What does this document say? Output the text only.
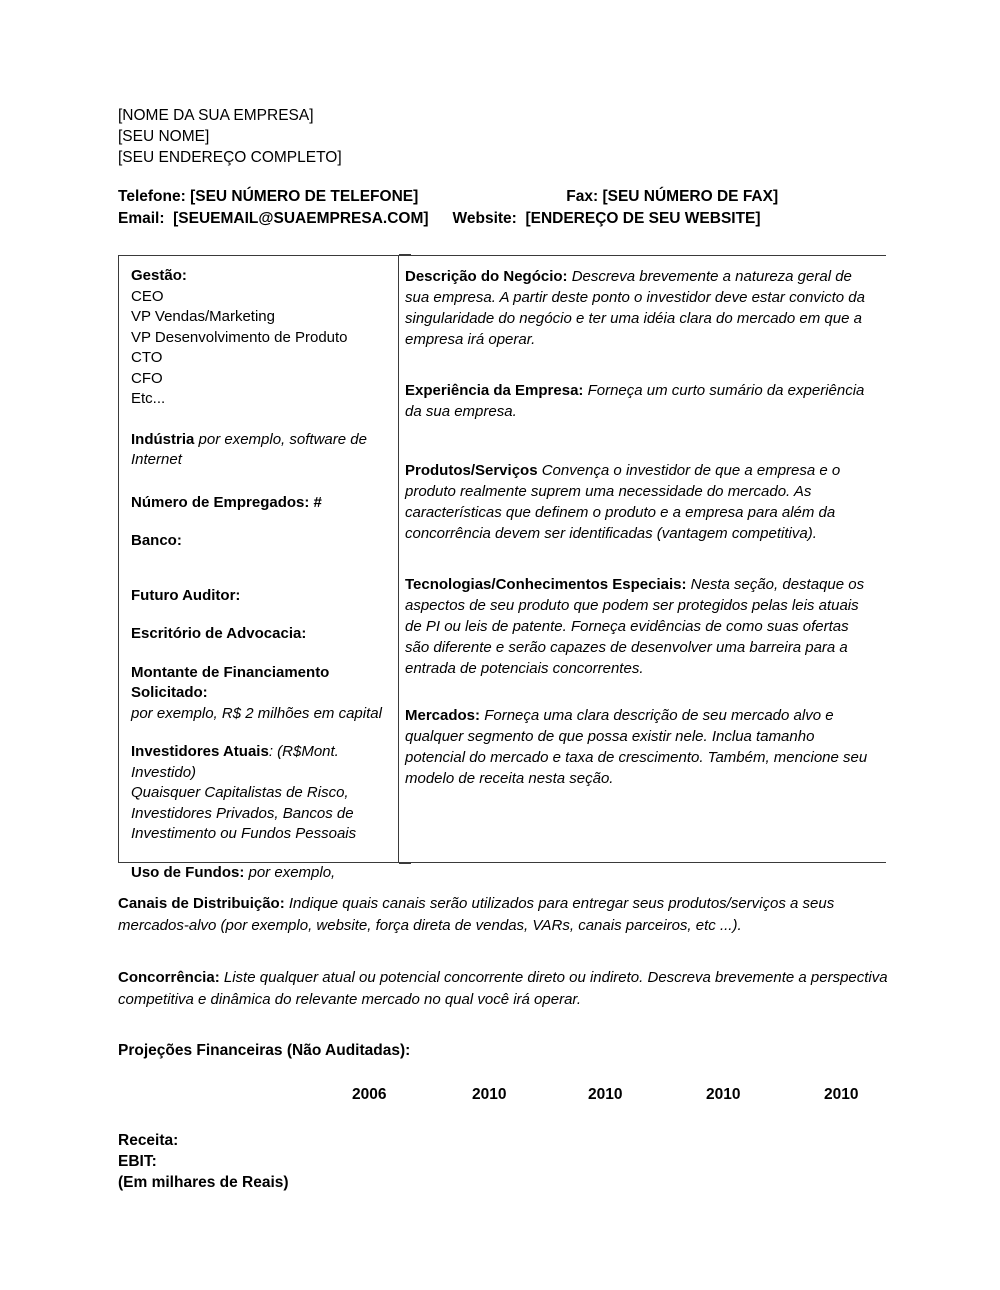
[NOME DA SUA EMPRESA]
[SEU NOME]
[SEU ENDEREÇO COMPLETO]
Telefone: [SEU NÚMERO DE TELEFONE]	Fax: [SEU NÚMERO DE FAX]
Email: [SEUEMAIL@SUAEMPRESA.COM] Website: [ENDEREÇO DE SEU WEBSITE]
Gestão:
CEO
VP Vendas/Marketing
VP Desenvolvimento de Produto
CTO
CFO
Etc...
Indústria por exemplo, software de Internet
Número de Empregados: #
Banco:
Futuro Auditor:
Escritório de Advocacia:
Montante de Financiamento Solicitado:
por exemplo, R$ 2 milhões em capital
Investidores Atuais: (R$Mont. Investido)
Quaisquer Capitalistas de Risco, Investidores Privados, Bancos de Investimento ou Fundos Pessoais
Uso de Fundos: por exemplo,
Descrição do Negócio: Descreva brevemente a natureza geral de sua empresa. A partir deste ponto o investidor deve estar convicto da singularidade do negócio e ter uma idéia clara do mercado em que a empresa irá operar.
Experiência da Empresa: Forneça um curto sumário da experiência da sua empresa.
Produtos/Serviços Convença o investidor de que a empresa e o produto realmente suprem uma necessidade do mercado. As características que definem o produto e a empresa para além da concorrência devem ser identificadas (vantagem competitiva).
Tecnologias/Conhecimentos Especiais: Nesta seção, destaque os aspectos de seu produto que podem ser protegidos pelas leis atuais de PI ou leis de patente. Forneça evidências de como suas ofertas são diferente e serão capazes de desenvolver uma barreira para a entrada de potenciais concorrentes.
Mercados: Forneça uma clara descrição de seu mercado alvo e qualquer segmento de que possa existir nele. Inclua tamanho potencial do mercado e taxa de crescimento. Também, mencione seu modelo de receita nesta seção.
Canais de Distribuição: Indique quais canais serão utilizados para entregar seus produtos/serviços a seus mercados-alvo (por exemplo, website, força direta de vendas, VARs, canais parceiros, etc ...).
Concorrência: Liste qualquer atual ou potencial concorrente direto ou indireto. Descreva brevemente a perspectiva competitiva e dinâmica do relevante mercado no qual você irá operar.
Projeções Financeiras (Não Auditadas):
2006	2010	2010	2010	2010
Receita:
EBIT:
(Em milhares de Reais)
